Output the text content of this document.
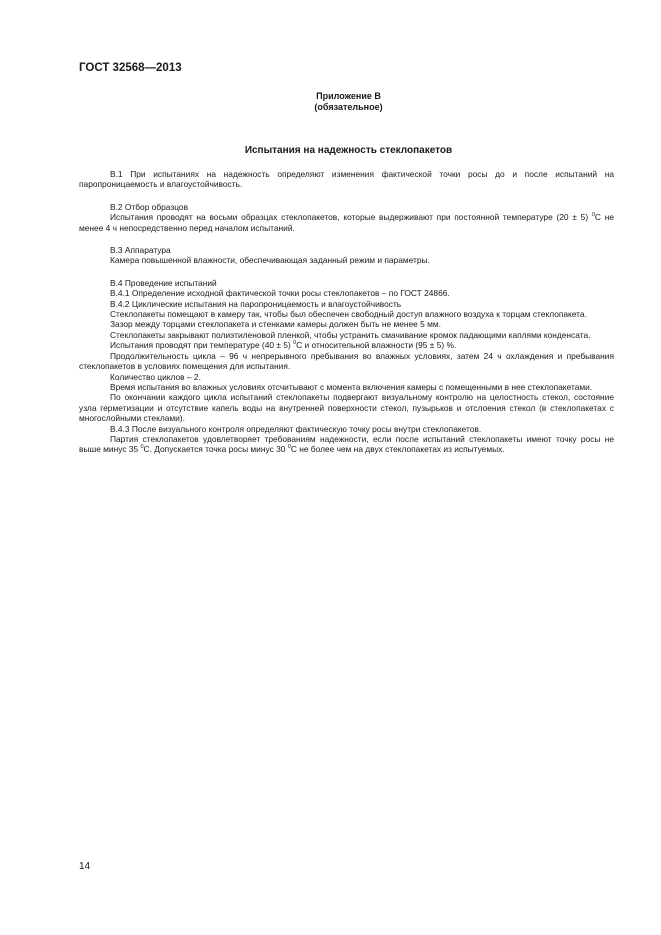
ГОСТ 32568—2013
Приложение В
(обязательное)
Испытания на надежность стеклопакетов

В.1 При испытаниях на надежность определяют изменения фактической точки росы до и после испытаний на паропроницаемость и влагоустойчивость.

В.2 Отбор образцов

Испытания проводят на восьми образцах стеклопакетов, которые выдерживают при постоянной температуре (20 ± 5) $^0$С не менее 4 ч непосредственно перед началом испытаний.

В.3 Аппаратура

Камера повышенной влажности, обеспечивающая заданный режим и параметры.

В.4 Проведение испытаний

В.4.1 Определение исходной фактической точки росы стеклопакетов – по ГОСТ 24866.

В.4.2 Циклические испытания на паропроницаемость и влагоустойчивость

Стеклопакеты помещают в камеру так, чтобы был обеспечен свободный доступ влажного воздуха к торцам стеклопакета.

Зазор между торцами стеклопакета и стенками камеры должен быть не менее 5 мм.

Стеклопакеты закрывают полиэтиленовой пленкой, чтобы устранить смачивание кромок падающими каплями конденсата.

Испытания проводят при температуре (40 ± 5) $^0$С и относительной влажности (95 ± 5) %.

Продолжительность цикла – 96 ч непрерывного пребывания во влажных условиях, затем 24 ч охлаждения и пребывания стеклопакетов в условиях помещения для испытания.

Количество циклов – 2.

Время испытания во влажных условиях отсчитывают с момента включения камеры с помещенными в нее стеклопакетами.

По окончании каждого цикла испытаний стеклопакеты подвергают визуальному контролю на целостность стекол, состояние узла герметизации и отсутствие капель воды на внутренней поверхности стекол, пузырьков и отслоения стекол (в стеклопакетах с многослойными стеклами).

В.4.3 После визуального контроля определяют фактическую точку росы внутри стеклопакетов.

Партия стеклопакетов удовлетворяет требованиям надежности, если после испытаний стеклопакеты имеют точку росы не выше минус 35 $^0$С. Допускается точка росы минус 30 $^0$С не более чем на двух стеклопакетах из испытуемых.

14
